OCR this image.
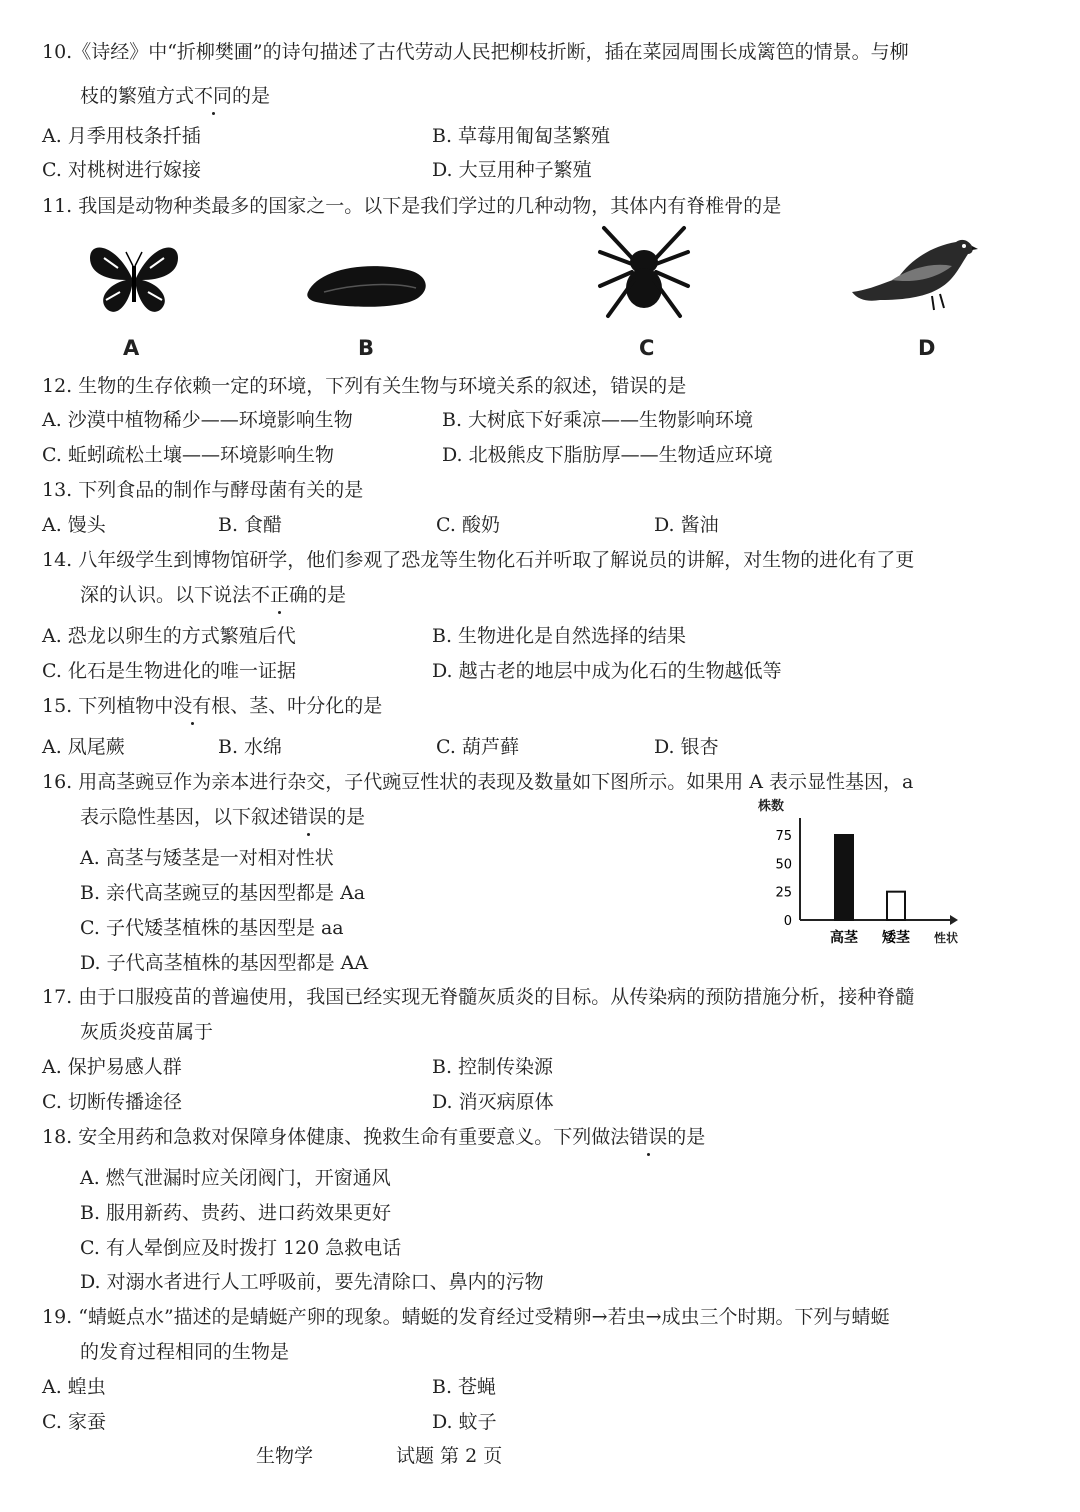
10.《诗经》中“折柳樊圃”的诗句描述了古代劳动人民把柳枝折断，插在菜园周围长成篱笆的情景。与柳
枝的繁殖方式不同的是
A. 月季用枝条扦插	B. 草莓用匍匐茎繁殖
C. 对桃树进行嫁接	D. 大豆用种子繁殖
11. 我国是动物种类最多的国家之一。以下是我们学过的几种动物，其体内有脊椎骨的是
A	B	C	D
12. 生物的生存依赖一定的环境，下列有关生物与环境关系的叙述，错误的是
A. 沙漠中植物稀少——环境影响生物	B. 大树底下好乘凉——生物影响环境
C. 蚯蚓疏松土壤——环境影响生物	D. 北极熊皮下脂肪厚——生物适应环境
13. 下列食品的制作与酵母菌有关的是
A. 馒头	B. 食醋	C. 酸奶	D. 酱油
14. 八年级学生到博物馆研学，他们参观了恐龙等生物化石并听取了解说员的讲解，对生物的进化有了更
深的认识。以下说法不正确的是
A. 恐龙以卵生的方式繁殖后代	B. 生物进化是自然选择的结果
C. 化石是生物进化的唯一证据	D. 越古老的地层中成为化石的生物越低等
15. 下列植物中没有根、茎、叶分化的是
A. 凤尾蕨	B. 水绵	C. 葫芦藓	D. 银杏
16. 用高茎豌豆作为亲本进行杂交，子代豌豆性状的表现及数量如下图所示。如果用 A 表示显性基因，a
表示隐性基因，以下叙述错误的是
A. 高茎与矮茎是一对相对性状
B. 亲代高茎豌豆的基因型都是 Aa
C. 子代矮茎植株的基因型是 aa
D. 子代高茎植株的基因型都是 AA
株数
性状
75
50
25
0
高茎 矮茎
17. 由于口服疫苗的普遍使用，我国已经实现无脊髓灰质炎的目标。从传染病的预防措施分析，接种脊髓
灰质炎疫苗属于
A. 保护易感人群	B. 控制传染源
C. 切断传播途径	D. 消灭病原体
18. 安全用药和急救对保障身体健康、挽救生命有重要意义。下列做法错误的是
A. 燃气泄漏时应关闭阀门，开窗通风
B. 服用新药、贵药、进口药效果更好
C. 有人晕倒应及时拨打 120 急救电话
D. 对溺水者进行人工呼吸前，要先清除口、鼻内的污物
19. “蜻蜓点水”描述的是蜻蜓产卵的现象。蜻蜓的发育经过受精卵→若虫→成虫三个时期。下列与蜻蜓
的发育过程相同的生物是
A. 蝗虫	B. 苍蝇
C. 家蚕	D. 蚊子
生物学	试题 第 2 页
